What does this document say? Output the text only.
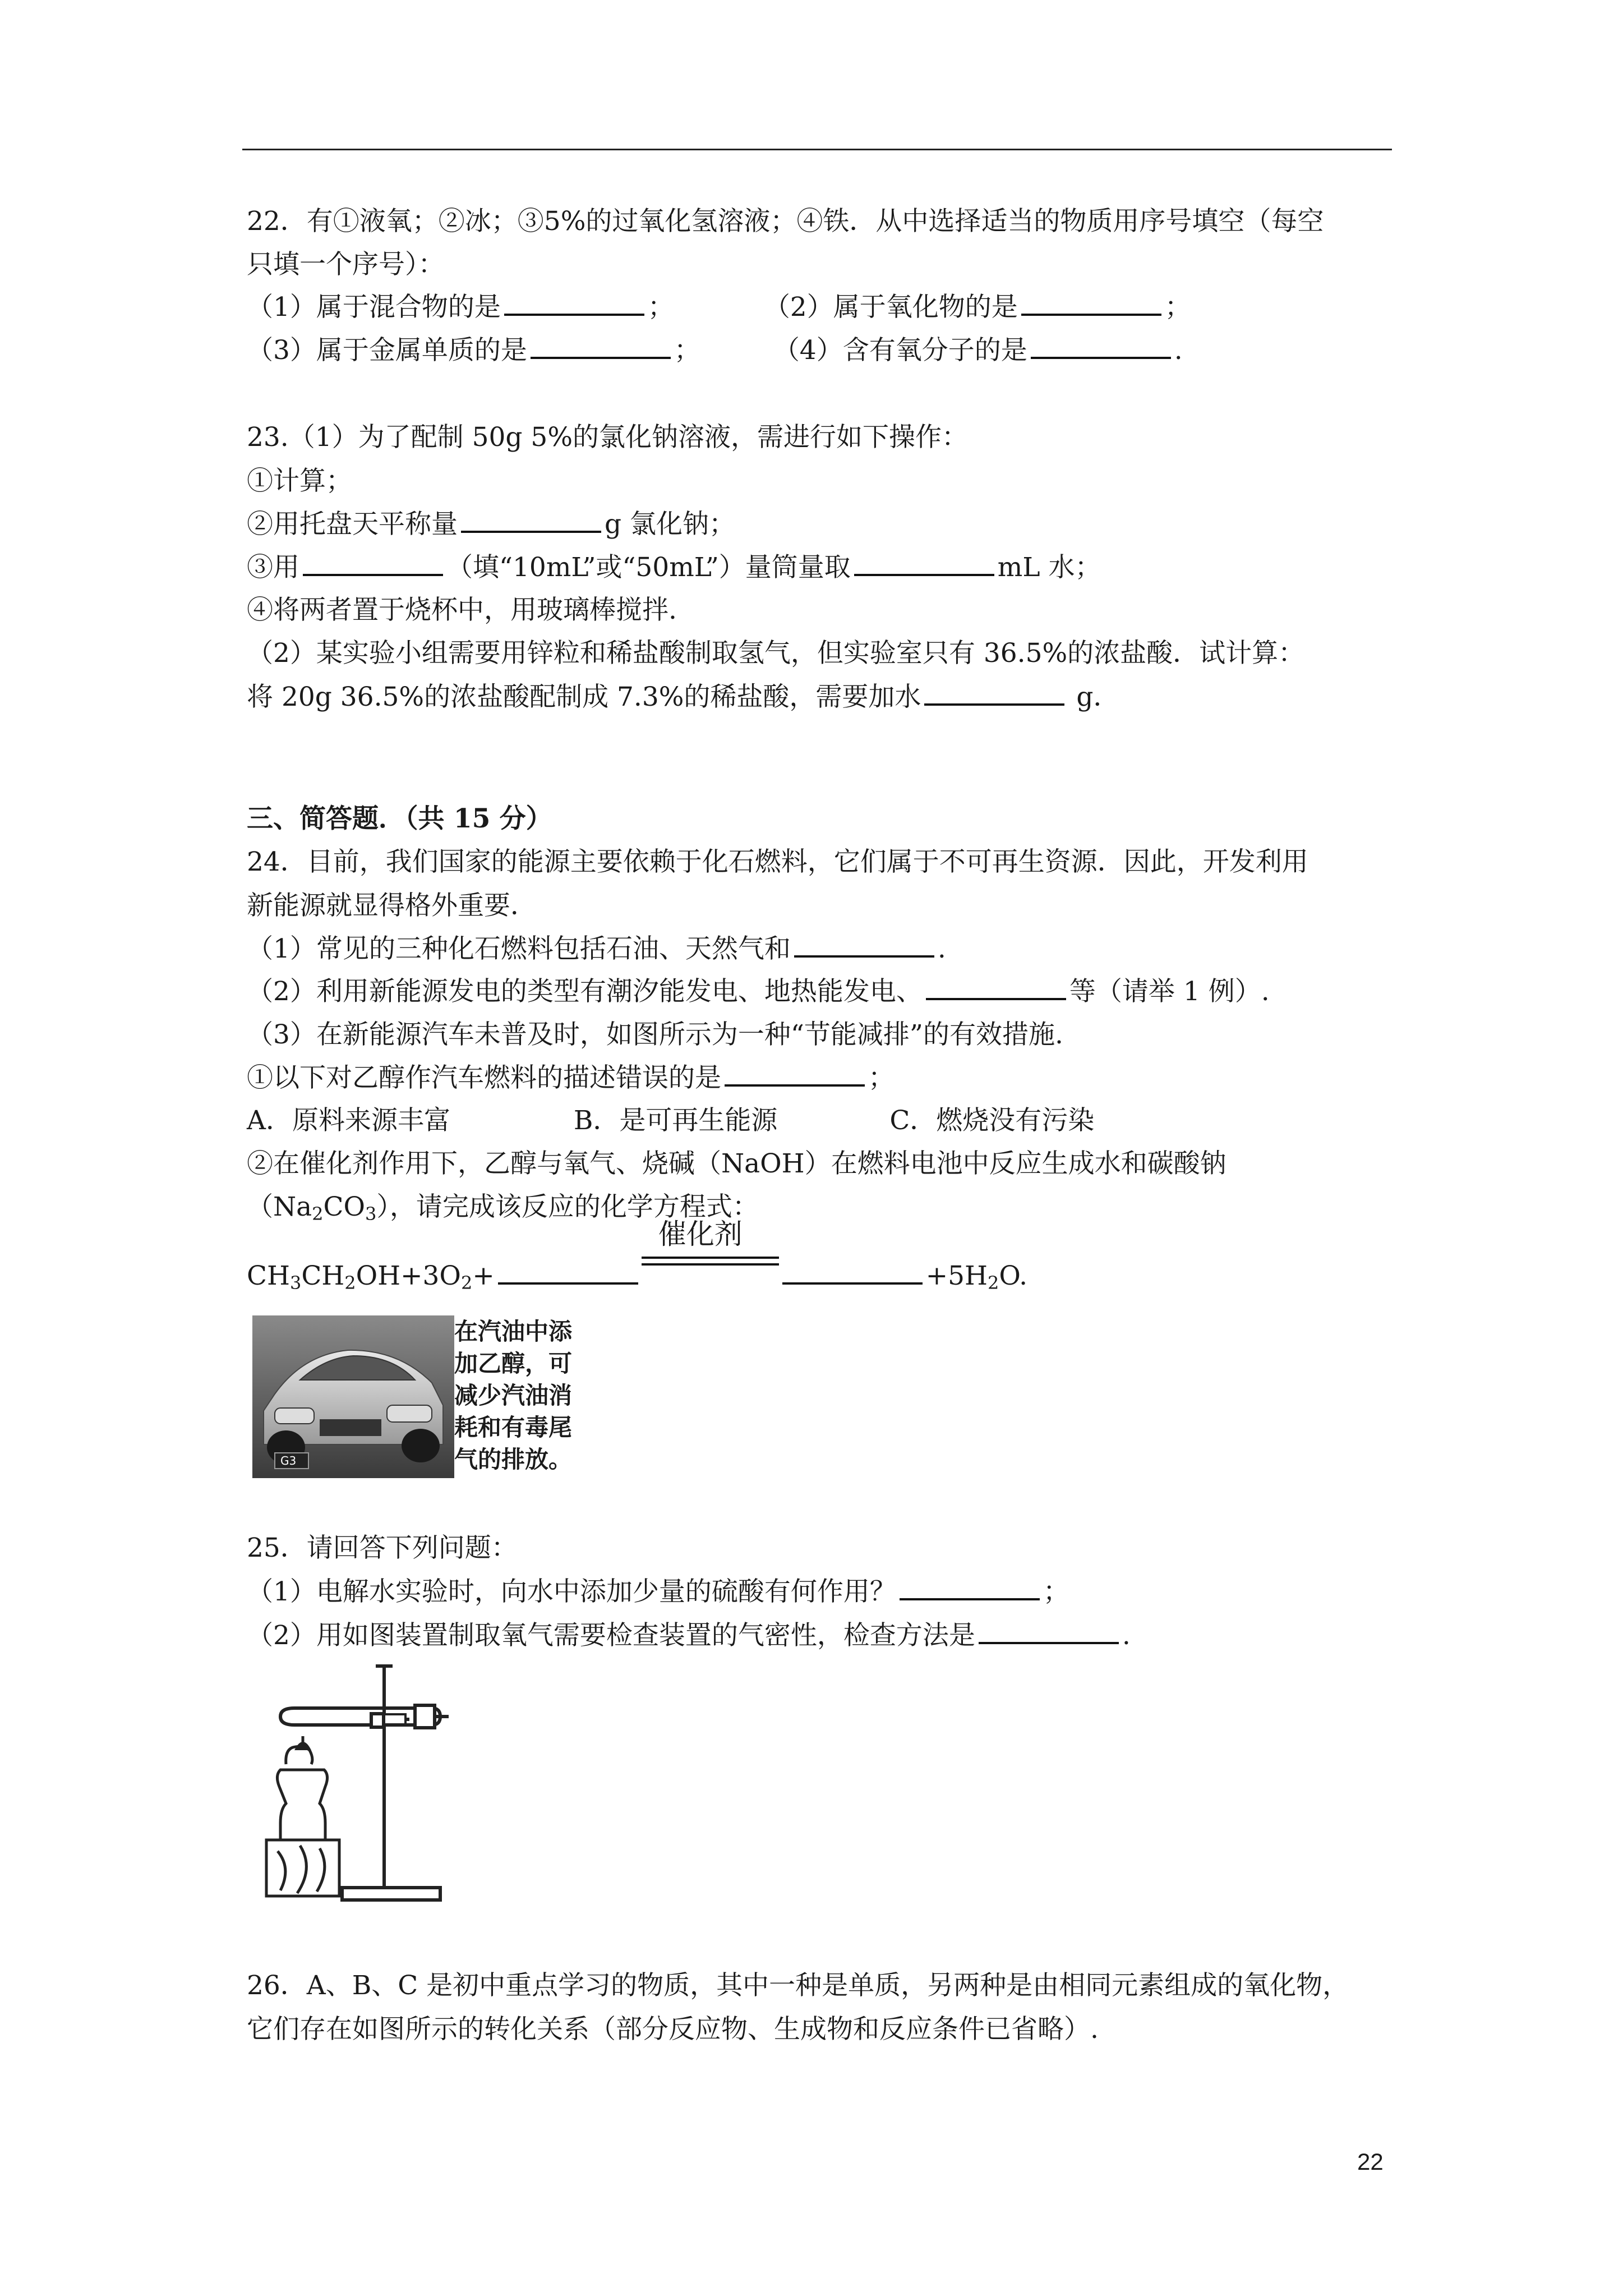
22．有①液氧；②冰；③5%的过氧化氢溶液；④铁．从中选择适当的物质用序号填空（每空
只填一个序号）：
（1）属于混合物的是	；	（2）属于氧化物的是	；
（3）属于金属单质的是	；	（4）含有氧分子的是	.
23.（1）为了配制 50g 5%的氯化钠溶液，需进行如下操作：
①计算；
②用托盘天平称量	g 氯化钠；
③用	（填“10mL”或“50mL”）量筒量取	mL 水；
④将两者置于烧杯中，用玻璃棒搅拌.
（2）某实验小组需要用锌粒和稀盐酸制取氢气，但实验室只有 36.5%的浓盐酸．试计算：
将 20g 36.5%的浓盐酸配制成 7.3%的稀盐酸，需要加水	g．
三、简答题．（共 15 分）
24．目前，我们国家的能源主要依赖于化石燃料，它们属于不可再生资源．因此，开发利用
新能源就显得格外重要．
（1）常见的三种化石燃料包括石油、天然气和	.
（2）利用新能源发电的类型有潮汐能发电、地热能发电、	等（请举 1 例）.
（3）在新能源汽车未普及时，如图所示为一种“节能减排”的有效措施.
①以下对乙醇作汽车燃料的描述错误的是	；
A．原料来源丰富	B．是可再生能源	C．燃烧没有污染
②在催化剂作用下，乙醇与氧气、烧碱（NaOH）在燃料电池中反应生成水和碳酸钠
$(Na_2CO_3)$，请完成该反应的化学方程式：
$CH_3CH_2OH+3O_2+$
催化剂
$+5H_2O$.
G3
在汽油中添
加乙醇，可
减少汽油消
耗和有毒尾
气的排放。
25．请回答下列问题：
（1）电解水实验时，向水中添加少量的硫酸有何作用？	；
（2）用如图装置制取氧气需要检查装置的气密性，检查方法是	.
26．A、B、C 是初中重点学习的物质，其中一种是单质，另两种是由相同元素组成的氧化物，
它们存在如图所示的转化关系（部分反应物、生成物和反应条件已省略）.
22
